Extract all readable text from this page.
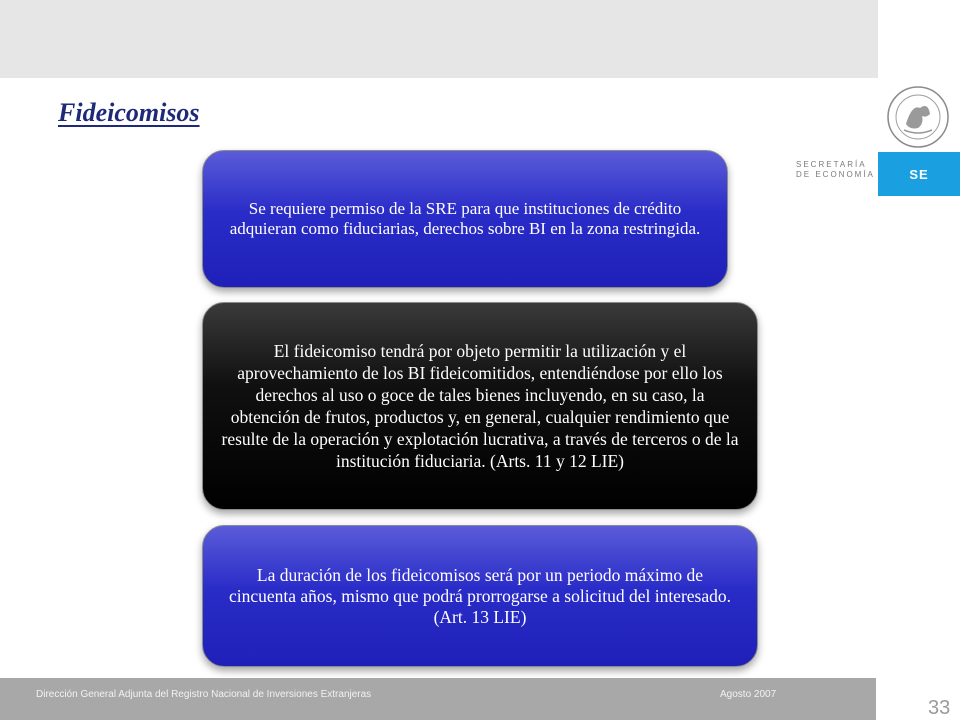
SECRETARÍA
DE ECONOMÍA	SE
Fideicomisos
Se requiere permiso de la SRE para que instituciones de crédito adquieran como fiduciarias, derechos sobre BI en la zona restringida.
El fideicomiso tendrá por objeto permitir la utilización y el aprovechamiento de los BI fideicomitidos, entendiéndose por ello los derechos al uso o goce de tales bienes incluyendo, en su caso, la obtención de frutos, productos y, en general, cualquier rendimiento que resulte de la operación y explotación lucrativa, a través de terceros o de la institución fiduciaria. (Arts. 11 y 12 LIE)
La duración de los fideicomisos será por un periodo máximo de cincuenta años, mismo que podrá prorrogarse a solicitud del interesado. (Art. 13 LIE)
Dirección General Adjunta del Registro Nacional de Inversiones Extranjeras	Agosto 2007
33
